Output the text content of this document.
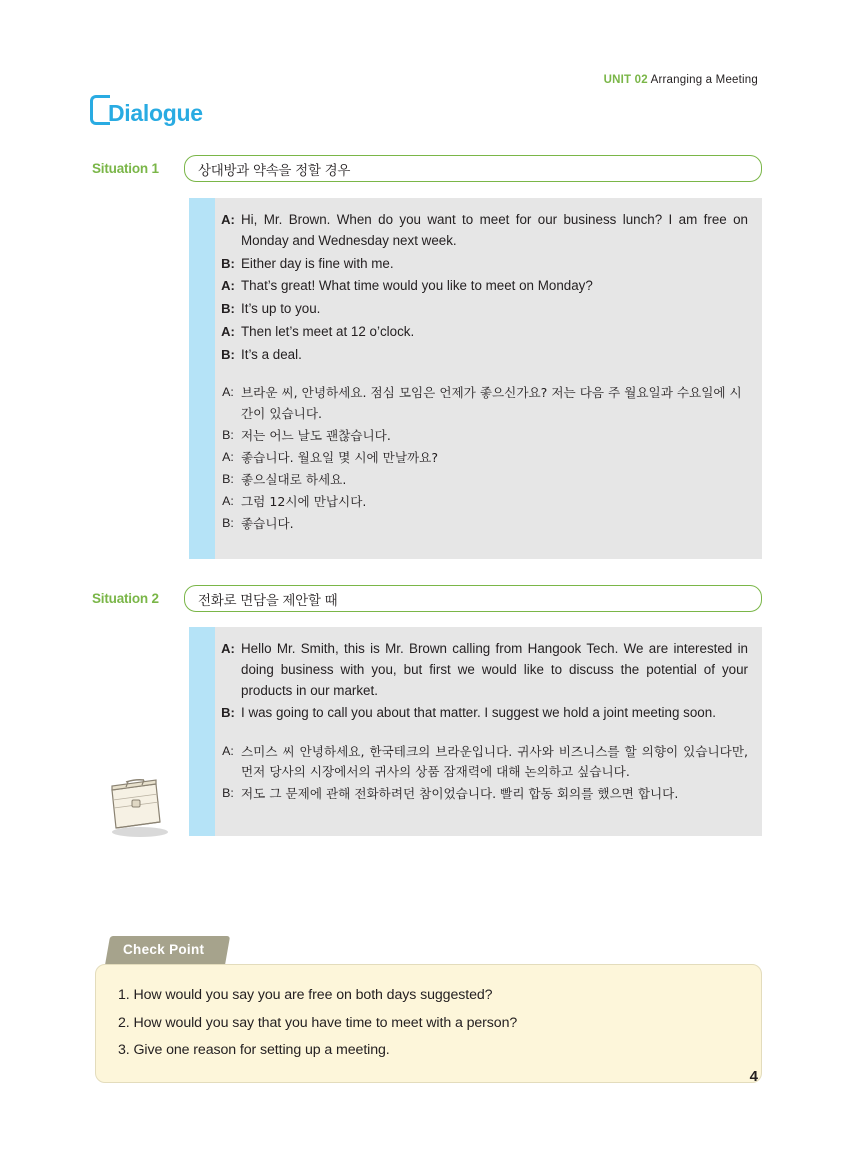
UNIT 02 Arranging a Meeting
Dialogue
Situation 1	상대방과 약속을 정할 경우
A: Hi, Mr. Brown. When do you want to meet for our business lunch? I am free on Monday and Wednesday next week.
B: Either day is fine with me.
A: That’s great! What time would you like to meet on Monday?
B: It’s up to you.
A: Then let’s meet at 12 o’clock.
B: It’s a deal.
A: 브라운 씨, 안녕하세요. 점심 모임은 언제가 좋으신가요? 저는 다음 주 월요일과 수요일에 시간이 있습니다.
B: 저는 어느 날도 괜찮습니다.
A: 좋습니다. 월요일 몇 시에 만날까요?
B: 좋으실대로 하세요.
A: 그럼 12시에 만납시다.
B: 좋습니다.
Situation 2	전화로 면담을 제안할 때
A: Hello Mr. Smith, this is Mr. Brown calling from Hangook Tech. We are interested in doing business with you, but first we would like to discuss the potential of your products in our market.
B: I was going to call you about that matter. I suggest we hold a joint meeting soon.
A: 스미스 씨 안녕하세요, 한국테크의 브라운입니다. 귀사와 비즈니스를 할 의향이 있습니다만, 먼저 당사의 시장에서의 귀사의 상품 잠재력에 대해 논의하고 싶습니다.
B: 저도 그 문제에 관해 전화하려던 참이었습니다. 빨리 합동 회의를 했으면 합니다.
Check Point
1. How would you say you are free on both days suggested?
2. How would you say that you have time to meet with a person?
3. Give one reason for setting up a meeting.
4
